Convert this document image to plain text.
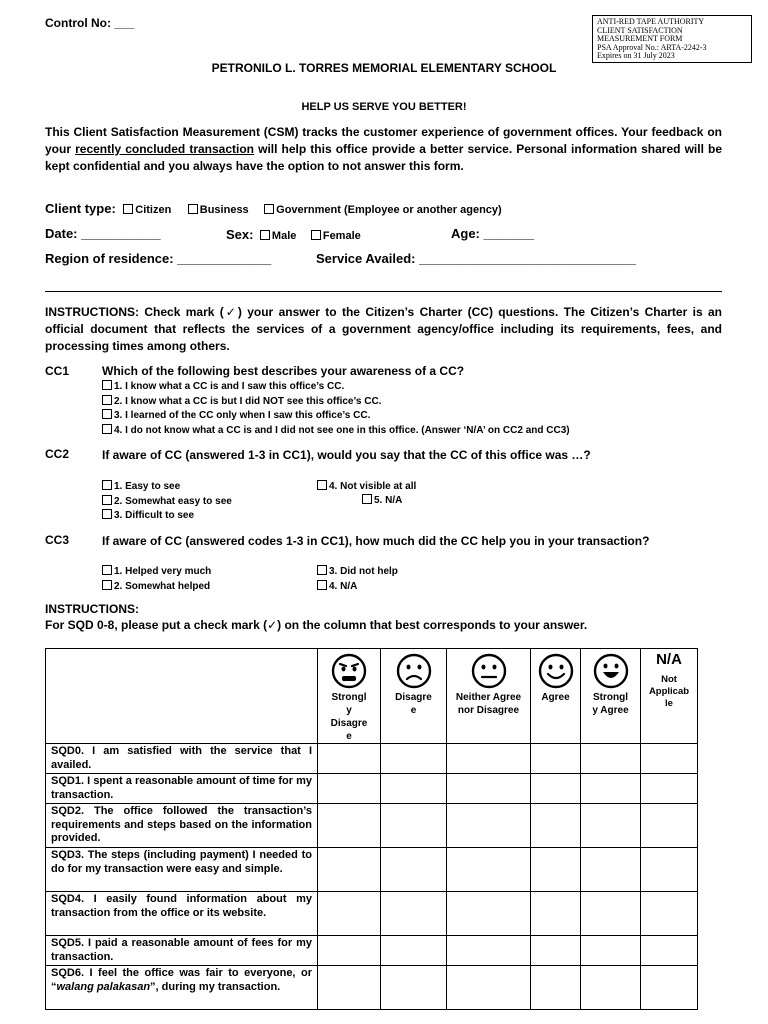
Control No: ___	ANTI-RED TAPE AUTHORITY
CLIENT SATISFACTION
MEASUREMENT FORM
PSA Approval No.: ARTA-2242-3
Expires on 31 July 2023
PETRONILO L. TORRES MEMORIAL ELEMENTARY SCHOOL
HELP US SERVE YOU BETTER!
This Client Satisfaction Measurement (CSM) tracks the customer experience of government offices. Your feedback on your recently concluded transaction will help this office provide a better service. Personal information shared will be kept confidential and you always have the option to not answer this form.
Client type: Citizen	Business Government (Employee or another agency)
Date: ___________	Sex: Male Female	Age: _______
Region of residence: _____________	Service Availed: ______________________________
INSTRUCTIONS: Check mark (✓) your answer to the Citizen’s Charter (CC) questions. The Citizen’s Charter is an official document that reflects the services of a government agency/office including its requirements, fees, and processing times among others.
CC1	Which of the following best describes your awareness of a CC?
1. I know what a CC is and I saw this office’s CC.
2. I know what a CC is but I did NOT see this office’s CC.
3. I learned of the CC only when I saw this office’s CC.
4. I do not know what a CC is and I did not see one in this office. (Answer ‘N/A’ on CC2 and CC3)
CC2	If aware of CC (answered 1-3 in CC1), would you say that the CC of this office was …?
1. Easy to see
2. Somewhat easy to see
3. Difficult to see
4. Not visible at all
5. N/A
CC3	If aware of CC (answered codes 1-3 in CC1), how much did the CC help you in your transaction?
1. Helped very much
2. Somewhat helped
3. Did not help
4. N/A
INSTRUCTIONS:
For SQD 0-8, please put a check mark (✓) on the column that best corresponds to your answer.

	Strongl y Disagre e	Disagre e	Neither Agree nor Disagree	Agree	Strongl y Agree	N/A
Not Applicab le

SQD0. I am satisfied with the service that I availed.						
SQD1. I spent a reasonable amount of time for my transaction.						
SQD2. The office followed the transaction’s requirements and steps based on the information provided.						
SQD3. The steps (including payment) I needed to do for my transaction were easy and simple.						
SQD4. I easily found information about my transaction from the office or its website.						
SQD5. I paid a reasonable amount of fees for my transaction.						
SQD6. I feel the office was fair to everyone, or “walang palakasan”, during my transaction.						
